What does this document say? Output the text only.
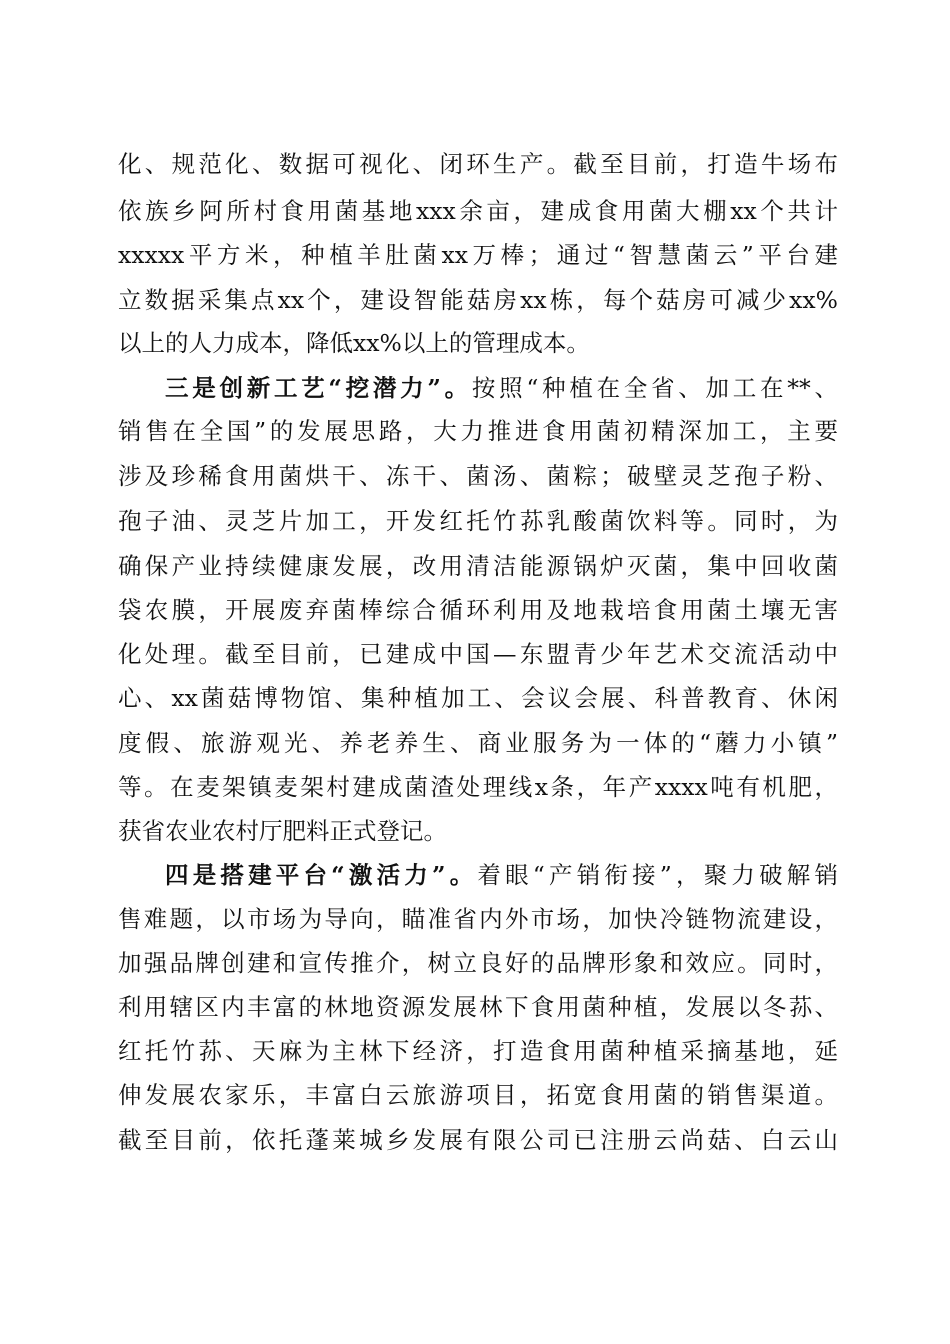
化、规范化、数据可视化、闭环生产。截至目前，打造牛场布
依族乡阿所村食用菌基地xxx余亩，建成食用菌大棚xx个共计
xxxxx平方米，种植羊肚菌xx万棒；通过“智慧菌云”平台建
立数据采集点xx个，建设智能菇房xx栋，每个菇房可减少xx%
以上的人力成本，降低xx%以上的管理成本。
三是创新工艺“挖潜力”。按照“种植在全省、加工在**、
销售在全国”的发展思路，大力推进食用菌初精深加工，主要
涉及珍稀食用菌烘干、冻干、菌汤、菌粽；破壁灵芝孢子粉、
孢子油、灵芝片加工，开发红托竹荪乳酸菌饮料等。同时，为
确保产业持续健康发展，改用清洁能源锅炉灭菌，集中回收菌
袋农膜，开展废弃菌棒综合循环利用及地栽培食用菌土壤无害
化处理。截至目前，已建成中国—东盟青少年艺术交流活动中
心、xx菌菇博物馆、集种植加工、会议会展、科普教育、休闲
度假、旅游观光、养老养生、商业服务为一体的“蘑力小镇”
等。在麦架镇麦架村建成菌渣处理线x条，年产xxxx吨有机肥，
获省农业农村厅肥料正式登记。
四是搭建平台“激活力”。着眼“产销衔接”，聚力破解销
售难题，以市场为导向，瞄准省内外市场，加快冷链物流建设，
加强品牌创建和宣传推介，树立良好的品牌形象和效应。同时，
利用辖区内丰富的林地资源发展林下食用菌种植，发展以冬荪、
红托竹荪、天麻为主林下经济，打造食用菌种植采摘基地，延
伸发展农家乐，丰富白云旅游项目，拓宽食用菌的销售渠道。
截至目前，依托蓬莱城乡发展有限公司已注册云尚菇、白云山
